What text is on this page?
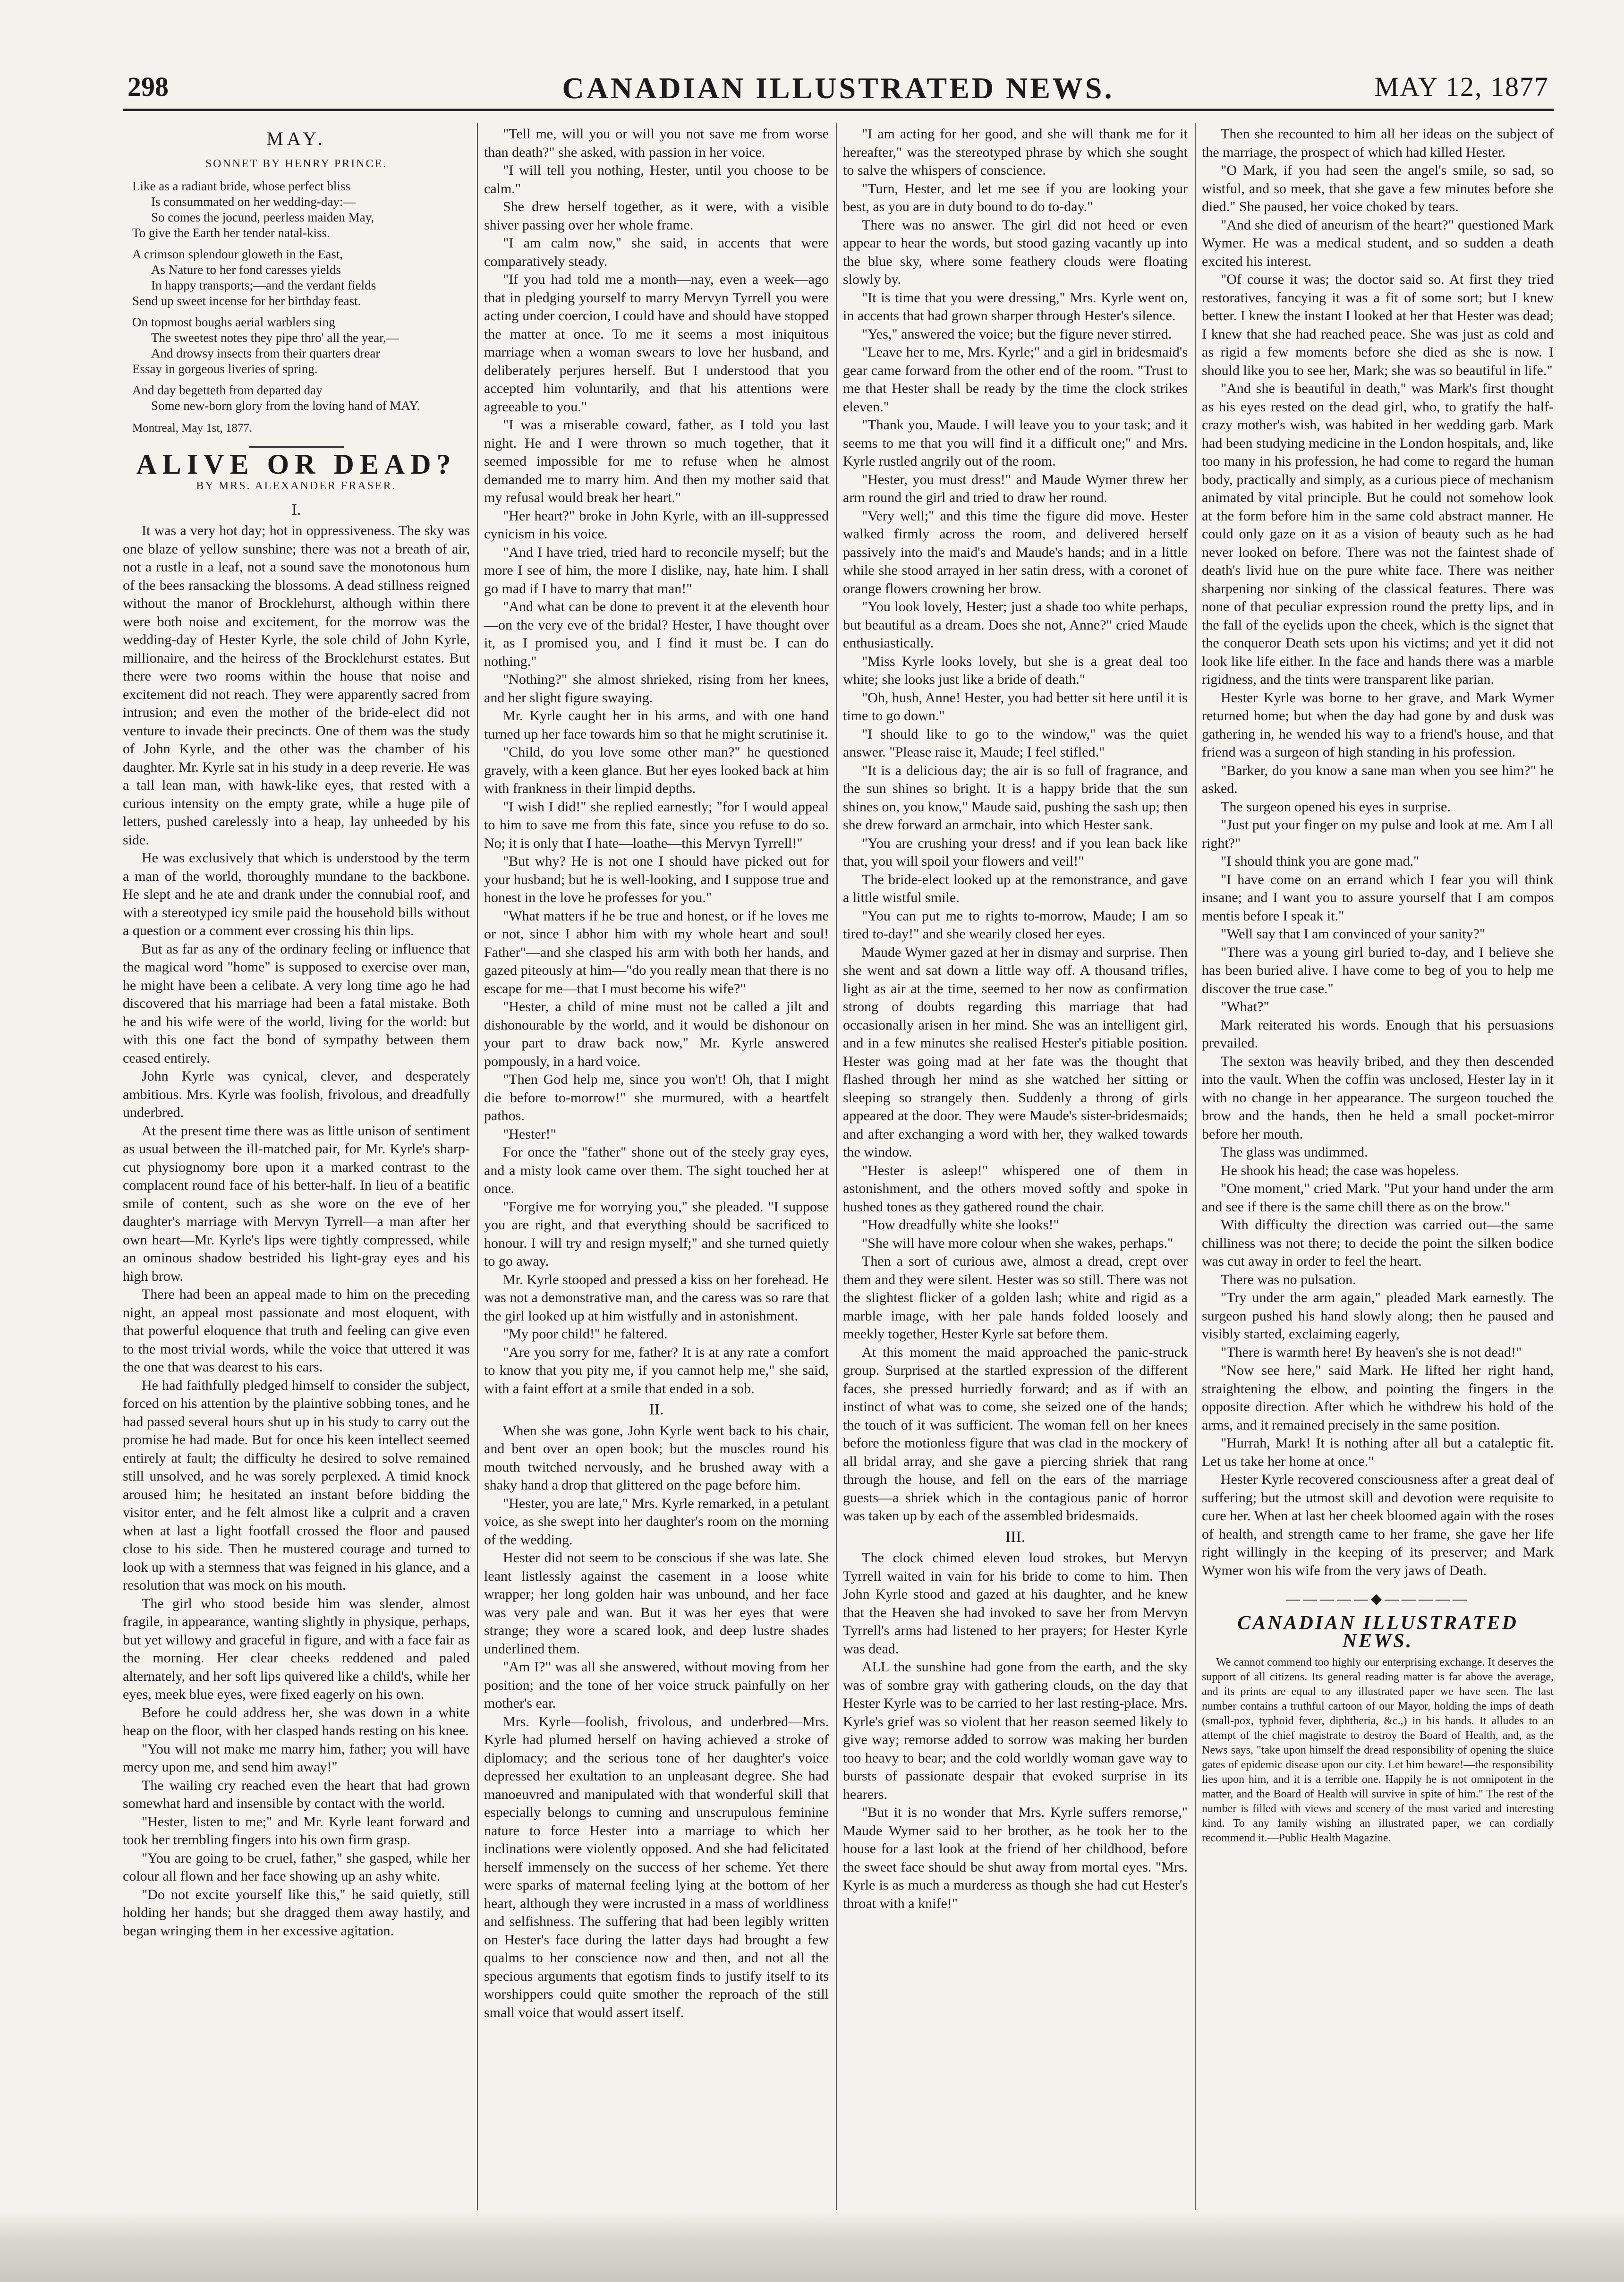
298	CANADIAN ILLUSTRATED NEWS.	MAY 12, 1877
MAY.
SONNET BY HENRY PRINCE.
Like as a radiant bride, whose perfect bliss
Is consummated on her wedding-day:—
So comes the jocund, peerless maiden May,
To give the Earth her tender natal-kiss.
A crimson splendour gloweth in the East,
As Nature to her fond caresses yields
In happy transports;—and the verdant fields
Send up sweet incense for her birthday feast.
On topmost boughs aerial warblers sing
The sweetest notes they pipe thro' all the year,—
And drowsy insects from their quarters drear
Essay in gorgeous liveries of spring.
And day begetteth from departed day
Some new-born glory from the loving hand of MAY.
Montreal, May 1st, 1877.
ALIVE OR DEAD?
BY MRS. ALEXANDER FRASER.
I.

It was a very hot day; hot in oppressiveness. The sky was one blaze of yellow sunshine; there was not a breath of air, not a rustle in a leaf, not a sound save the monotonous hum of the bees ransacking the blossoms. A dead stillness reigned without the manor of Brocklehurst, although within there were both noise and excitement, for the morrow was the wedding-day of Hester Kyrle, the sole child of John Kyrle, millionaire, and the heiress of the Brocklehurst estates. But there were two rooms within the house that noise and excitement did not reach. They were apparently sacred from intrusion; and even the mother of the bride-elect did not venture to invade their precincts. One of them was the study of John Kyrle, and the other was the chamber of his daughter. Mr. Kyrle sat in his study in a deep reverie. He was a tall lean man, with hawk-like eyes, that rested with a curious intensity on the empty grate, while a huge pile of letters, pushed carelessly into a heap, lay unheeded by his side.

He was exclusively that which is understood by the term a man of the world, thoroughly mundane to the backbone. He slept and he ate and drank under the connubial roof, and with a stereotyped icy smile paid the household bills without a question or a comment ever crossing his thin lips.

But as far as any of the ordinary feeling or influence that the magical word "home" is supposed to exercise over man, he might have been a celibate. A very long time ago he had discovered that his marriage had been a fatal mistake. Both he and his wife were of the world, living for the world: but with this one fact the bond of sympathy between them ceased entirely.

John Kyrle was cynical, clever, and desperately ambitious. Mrs. Kyrle was foolish, frivolous, and dreadfully underbred.

At the present time there was as little unison of sentiment as usual between the ill-matched pair, for Mr. Kyrle's sharp-cut physiognomy bore upon it a marked contrast to the complacent round face of his better-half. In lieu of a beatific smile of content, such as she wore on the eve of her daughter's marriage with Mervyn Tyrrell—a man after her own heart—Mr. Kyrle's lips were tightly compressed, while an ominous shadow bestrided his light-gray eyes and his high brow.

There had been an appeal made to him on the preceding night, an appeal most passionate and most eloquent, with that powerful eloquence that truth and feeling can give even to the most trivial words, while the voice that uttered it was the one that was dearest to his ears.

He had faithfully pledged himself to consider the subject, forced on his attention by the plaintive sobbing tones, and he had passed several hours shut up in his study to carry out the promise he had made. But for once his keen intellect seemed entirely at fault; the difficulty he desired to solve remained still unsolved, and he was sorely perplexed. A timid knock aroused him; he hesitated an instant before bidding the visitor enter, and he felt almost like a culprit and a craven when at last a light footfall crossed the floor and paused close to his side. Then he mustered courage and turned to look up with a sternness that was feigned in his glance, and a resolution that was mock on his mouth.

The girl who stood beside him was slender, almost fragile, in appearance, wanting slightly in physique, perhaps, but yet willowy and graceful in figure, and with a face fair as the morning. Her clear cheeks reddened and paled alternately, and her soft lips quivered like a child's, while her eyes, meek blue eyes, were fixed eagerly on his own.

Before he could address her, she was down in a white heap on the floor, with her clasped hands resting on his knee.

"You will not make me marry him, father; you will have mercy upon me, and send him away!"

The wailing cry reached even the heart that had grown somewhat hard and insensible by contact with the world.

"Hester, listen to me;" and Mr. Kyrle leant forward and took her trembling fingers into his own firm grasp.

"You are going to be cruel, father," she gasped, while her colour all flown and her face showing up an ashy white.

"Do not excite yourself like this," he said quietly, still holding her hands; but she dragged them away hastily, and began wringing them in her excessive agitation.

"Tell me, will you or will you not save me from worse than death?" she asked, with passion in her voice.

"I will tell you nothing, Hester, until you choose to be calm."

She drew herself together, as it were, with a visible shiver passing over her whole frame.

"I am calm now," she said, in accents that were comparatively steady.

"If you had told me a month—nay, even a week—ago that in pledging yourself to marry Mervyn Tyrrell you were acting under coercion, I could have and should have stopped the matter at once. To me it seems a most iniquitous marriage when a woman swears to love her husband, and deliberately perjures herself. But I understood that you accepted him voluntarily, and that his attentions were agreeable to you."

"I was a miserable coward, father, as I told you last night. He and I were thrown so much together, that it seemed impossible for me to refuse when he almost demanded me to marry him. And then my mother said that my refusal would break her heart."

"Her heart?" broke in John Kyrle, with an ill-suppressed cynicism in his voice.

"And I have tried, tried hard to reconcile myself; but the more I see of him, the more I dislike, nay, hate him. I shall go mad if I have to marry that man!"

"And what can be done to prevent it at the eleventh hour—on the very eve of the bridal? Hester, I have thought over it, as I promised you, and I find it must be. I can do nothing."

"Nothing?" she almost shrieked, rising from her knees, and her slight figure swaying.

Mr. Kyrle caught her in his arms, and with one hand turned up her face towards him so that he might scrutinise it.

"Child, do you love some other man?" he questioned gravely, with a keen glance. But her eyes looked back at him with frankness in their limpid depths.

"I wish I did!" she replied earnestly; "for I would appeal to him to save me from this fate, since you refuse to do so. No; it is only that I hate—loathe—this Mervyn Tyrrell!"

"But why? He is not one I should have picked out for your husband; but he is well-looking, and I suppose true and honest in the love he professes for you."

"What matters if he be true and honest, or if he loves me or not, since I abhor him with my whole heart and soul! Father"—and she clasped his arm with both her hands, and gazed piteously at him—"do you really mean that there is no escape for me—that I must become his wife?"

"Hester, a child of mine must not be called a jilt and dishonourable by the world, and it would be dishonour on your part to draw back now," Mr. Kyrle answered pompously, in a hard voice.

"Then God help me, since you won't! Oh, that I might die before to-morrow!" she murmured, with a heartfelt pathos.

"Hester!"

For once the "father" shone out of the steely gray eyes, and a misty look came over them. The sight touched her at once.

"Forgive me for worrying you," she pleaded. "I suppose you are right, and that everything should be sacrificed to honour. I will try and resign myself;" and she turned quietly to go away.

Mr. Kyrle stooped and pressed a kiss on her forehead. He was not a demonstrative man, and the caress was so rare that the girl looked up at him wistfully and in astonishment.

"My poor child!" he faltered.

"Are you sorry for me, father? It is at any rate a comfort to know that you pity me, if you cannot help me," she said, with a faint effort at a smile that ended in a sob.

II.

When she was gone, John Kyrle went back to his chair, and bent over an open book; but the muscles round his mouth twitched nervously, and he brushed away with a shaky hand a drop that glittered on the page before him.

"Hester, you are late," Mrs. Kyrle remarked, in a petulant voice, as she swept into her daughter's room on the morning of the wedding.

Hester did not seem to be conscious if she was late. She leant listlessly against the casement in a loose white wrapper; her long golden hair was unbound, and her face was very pale and wan. But it was her eyes that were strange; they wore a scared look, and deep lustre shades underlined them.

"Am I?" was all she answered, without moving from her position; and the tone of her voice struck painfully on her mother's ear.

Mrs. Kyrle—foolish, frivolous, and underbred—Mrs. Kyrle had plumed herself on having achieved a stroke of diplomacy; and the serious tone of her daughter's voice depressed her exultation to an unpleasant degree. She had manoeuvred and manipulated with that wonderful skill that especially belongs to cunning and unscrupulous feminine nature to force Hester into a marriage to which her inclinations were violently opposed. And she had felicitated herself immensely on the success of her scheme. Yet there were sparks of maternal feeling lying at the bottom of her heart, although they were incrusted in a mass of worldliness and selfishness. The suffering that had been legibly written on Hester's face during the latter days had brought a few qualms to her conscience now and then, and not all the specious arguments that egotism finds to justify itself to its worshippers could quite smother the reproach of the still small voice that would assert itself.

"I am acting for her good, and she will thank me for it hereafter," was the stereotyped phrase by which she sought to salve the whispers of conscience.

"Turn, Hester, and let me see if you are looking your best, as you are in duty bound to do to-day."

There was no answer. The girl did not heed or even appear to hear the words, but stood gazing vacantly up into the blue sky, where some feathery clouds were floating slowly by.

"It is time that you were dressing," Mrs. Kyrle went on, in accents that had grown sharper through Hester's silence.

"Yes," answered the voice; but the figure never stirred.

"Leave her to me, Mrs. Kyrle;" and a girl in bridesmaid's gear came forward from the other end of the room. "Trust to me that Hester shall be ready by the time the clock strikes eleven."

"Thank you, Maude. I will leave you to your task; and it seems to me that you will find it a difficult one;" and Mrs. Kyrle rustled angrily out of the room.

"Hester, you must dress!" and Maude Wymer threw her arm round the girl and tried to draw her round.

"Very well;" and this time the figure did move. Hester walked firmly across the room, and delivered herself passively into the maid's and Maude's hands; and in a little while she stood arrayed in her satin dress, with a coronet of orange flowers crowning her brow.

"You look lovely, Hester; just a shade too white perhaps, but beautiful as a dream. Does she not, Anne?" cried Maude enthusiastically.

"Miss Kyrle looks lovely, but she is a great deal too white; she looks just like a bride of death."

"Oh, hush, Anne! Hester, you had better sit here until it is time to go down."

"I should like to go to the window," was the quiet answer. "Please raise it, Maude; I feel stifled."

"It is a delicious day; the air is so full of fragrance, and the sun shines so bright. It is a happy bride that the sun shines on, you know," Maude said, pushing the sash up; then she drew forward an armchair, into which Hester sank.

"You are crushing your dress! and if you lean back like that, you will spoil your flowers and veil!"

The bride-elect looked up at the remonstrance, and gave a little wistful smile.

"You can put me to rights to-morrow, Maude; I am so tired to-day!" and she wearily closed her eyes.

Maude Wymer gazed at her in dismay and surprise. Then she went and sat down a little way off. A thousand trifles, light as air at the time, seemed to her now as confirmation strong of doubts regarding this marriage that had occasionally arisen in her mind. She was an intelligent girl, and in a few minutes she realised Hester's pitiable position. Hester was going mad at her fate was the thought that flashed through her mind as she watched her sitting or sleeping so strangely then. Suddenly a throng of girls appeared at the door. They were Maude's sister-bridesmaids; and after exchanging a word with her, they walked towards the window.

"Hester is asleep!" whispered one of them in astonishment, and the others moved softly and spoke in hushed tones as they gathered round the chair.

"How dreadfully white she looks!"

"She will have more colour when she wakes, perhaps."

Then a sort of curious awe, almost a dread, crept over them and they were silent. Hester was so still. There was not the slightest flicker of a golden lash; white and rigid as a marble image, with her pale hands folded loosely and meekly together, Hester Kyrle sat before them.

At this moment the maid approached the panic-struck group. Surprised at the startled expression of the different faces, she pressed hurriedly forward; and as if with an instinct of what was to come, she seized one of the hands; the touch of it was sufficient. The woman fell on her knees before the motionless figure that was clad in the mockery of all bridal array, and she gave a piercing shriek that rang through the house, and fell on the ears of the marriage guests—a shriek which in the contagious panic of horror was taken up by each of the assembled bridesmaids.

III.

The clock chimed eleven loud strokes, but Mervyn Tyrrell waited in vain for his bride to come to him. Then John Kyrle stood and gazed at his daughter, and he knew that the Heaven she had invoked to save her from Mervyn Tyrrell's arms had listened to her prayers; for Hester Kyrle was dead.

ALL the sunshine had gone from the earth, and the sky was of sombre gray with gathering clouds, on the day that Hester Kyrle was to be carried to her last resting-place. Mrs. Kyrle's grief was so violent that her reason seemed likely to give way; remorse added to sorrow was making her burden too heavy to bear; and the cold worldly woman gave way to bursts of passionate despair that evoked surprise in its hearers.

"But it is no wonder that Mrs. Kyrle suffers remorse," Maude Wymer said to her brother, as he took her to the house for a last look at the friend of her childhood, before the sweet face should be shut away from mortal eyes. "Mrs. Kyrle is as much a murderess as though she had cut Hester's throat with a knife!"

Then she recounted to him all her ideas on the subject of the marriage, the prospect of which had killed Hester.

"O Mark, if you had seen the angel's smile, so sad, so wistful, and so meek, that she gave a few minutes before she died." She paused, her voice choked by tears.

"And she died of aneurism of the heart?" questioned Mark Wymer. He was a medical student, and so sudden a death excited his interest.

"Of course it was; the doctor said so. At first they tried restoratives, fancying it was a fit of some sort; but I knew better. I knew the instant I looked at her that Hester was dead; I knew that she had reached peace. She was just as cold and as rigid a few moments before she died as she is now. I should like you to see her, Mark; she was so beautiful in life."

"And she is beautiful in death," was Mark's first thought as his eyes rested on the dead girl, who, to gratify the half-crazy mother's wish, was habited in her wedding garb. Mark had been studying medicine in the London hospitals, and, like too many in his profession, he had come to regard the human body, practically and simply, as a curious piece of mechanism animated by vital principle. But he could not somehow look at the form before him in the same cold abstract manner. He could only gaze on it as a vision of beauty such as he had never looked on before. There was not the faintest shade of death's livid hue on the pure white face. There was neither sharpening nor sinking of the classical features. There was none of that peculiar expression round the pretty lips, and in the fall of the eyelids upon the cheek, which is the signet that the conqueror Death sets upon his victims; and yet it did not look like life either. In the face and hands there was a marble rigidness, and the tints were transparent like parian.

Hester Kyrle was borne to her grave, and Mark Wymer returned home; but when the day had gone by and dusk was gathering in, he wended his way to a friend's house, and that friend was a surgeon of high standing in his profession.

"Barker, do you know a sane man when you see him?" he asked.

The surgeon opened his eyes in surprise.

"Just put your finger on my pulse and look at me. Am I all right?"

"I should think you are gone mad."

"I have come on an errand which I fear you will think insane; and I want you to assure yourself that I am compos mentis before I speak it."

"Well say that I am convinced of your sanity?"

"There was a young girl buried to-day, and I believe she has been buried alive. I have come to beg of you to help me discover the true case."

"What?"

Mark reiterated his words. Enough that his persuasions prevailed.

The sexton was heavily bribed, and they then descended into the vault. When the coffin was unclosed, Hester lay in it with no change in her appearance. The surgeon touched the brow and the hands, then he held a small pocket-mirror before her mouth.

The glass was undimmed.

He shook his head; the case was hopeless.

"One moment," cried Mark. "Put your hand under the arm and see if there is the same chill there as on the brow."

With difficulty the direction was carried out—the same chilliness was not there; to decide the point the silken bodice was cut away in order to feel the heart.

There was no pulsation.

"Try under the arm again," pleaded Mark earnestly. The surgeon pushed his hand slowly along; then he paused and visibly started, exclaiming eagerly,

"There is warmth here! By heaven's she is not dead!"

"Now see here," said Mark. He lifted her right hand, straightening the elbow, and pointing the fingers in the opposite direction. After which he withdrew his hold of the arms, and it remained precisely in the same position.

"Hurrah, Mark! It is nothing after all but a cataleptic fit. Let us take her home at once."

Hester Kyrle recovered consciousness after a great deal of suffering; but the utmost skill and devotion were requisite to cure her. When at last her cheek bloomed again with the roses of health, and strength came to her frame, she gave her life right willingly in the keeping of its preserver; and Mark Wymer won his wife from the very jaws of Death.

—————◆—————
CANADIAN ILLUSTRATED NEWS.

We cannot commend too highly our enterprising exchange. It deserves the support of all citizens. Its general reading matter is far above the average, and its prints are equal to any illustrated paper we have seen. The last number contains a truthful cartoon of our Mayor, holding the imps of death (small-pox, typhoid fever, diphtheria, &c.,) in his hands. It alludes to an attempt of the chief magistrate to destroy the Board of Health, and, as the News says, "take upon himself the dread responsibility of opening the sluice gates of epidemic disease upon our city. Let him beware!—the responsibility lies upon him, and it is a terrible one. Happily he is not omnipotent in the matter, and the Board of Health will survive in spite of him." The rest of the number is filled with views and scenery of the most varied and interesting kind. To any family wishing an illustrated paper, we can cordially recommend it.—Public Health Magazine.
